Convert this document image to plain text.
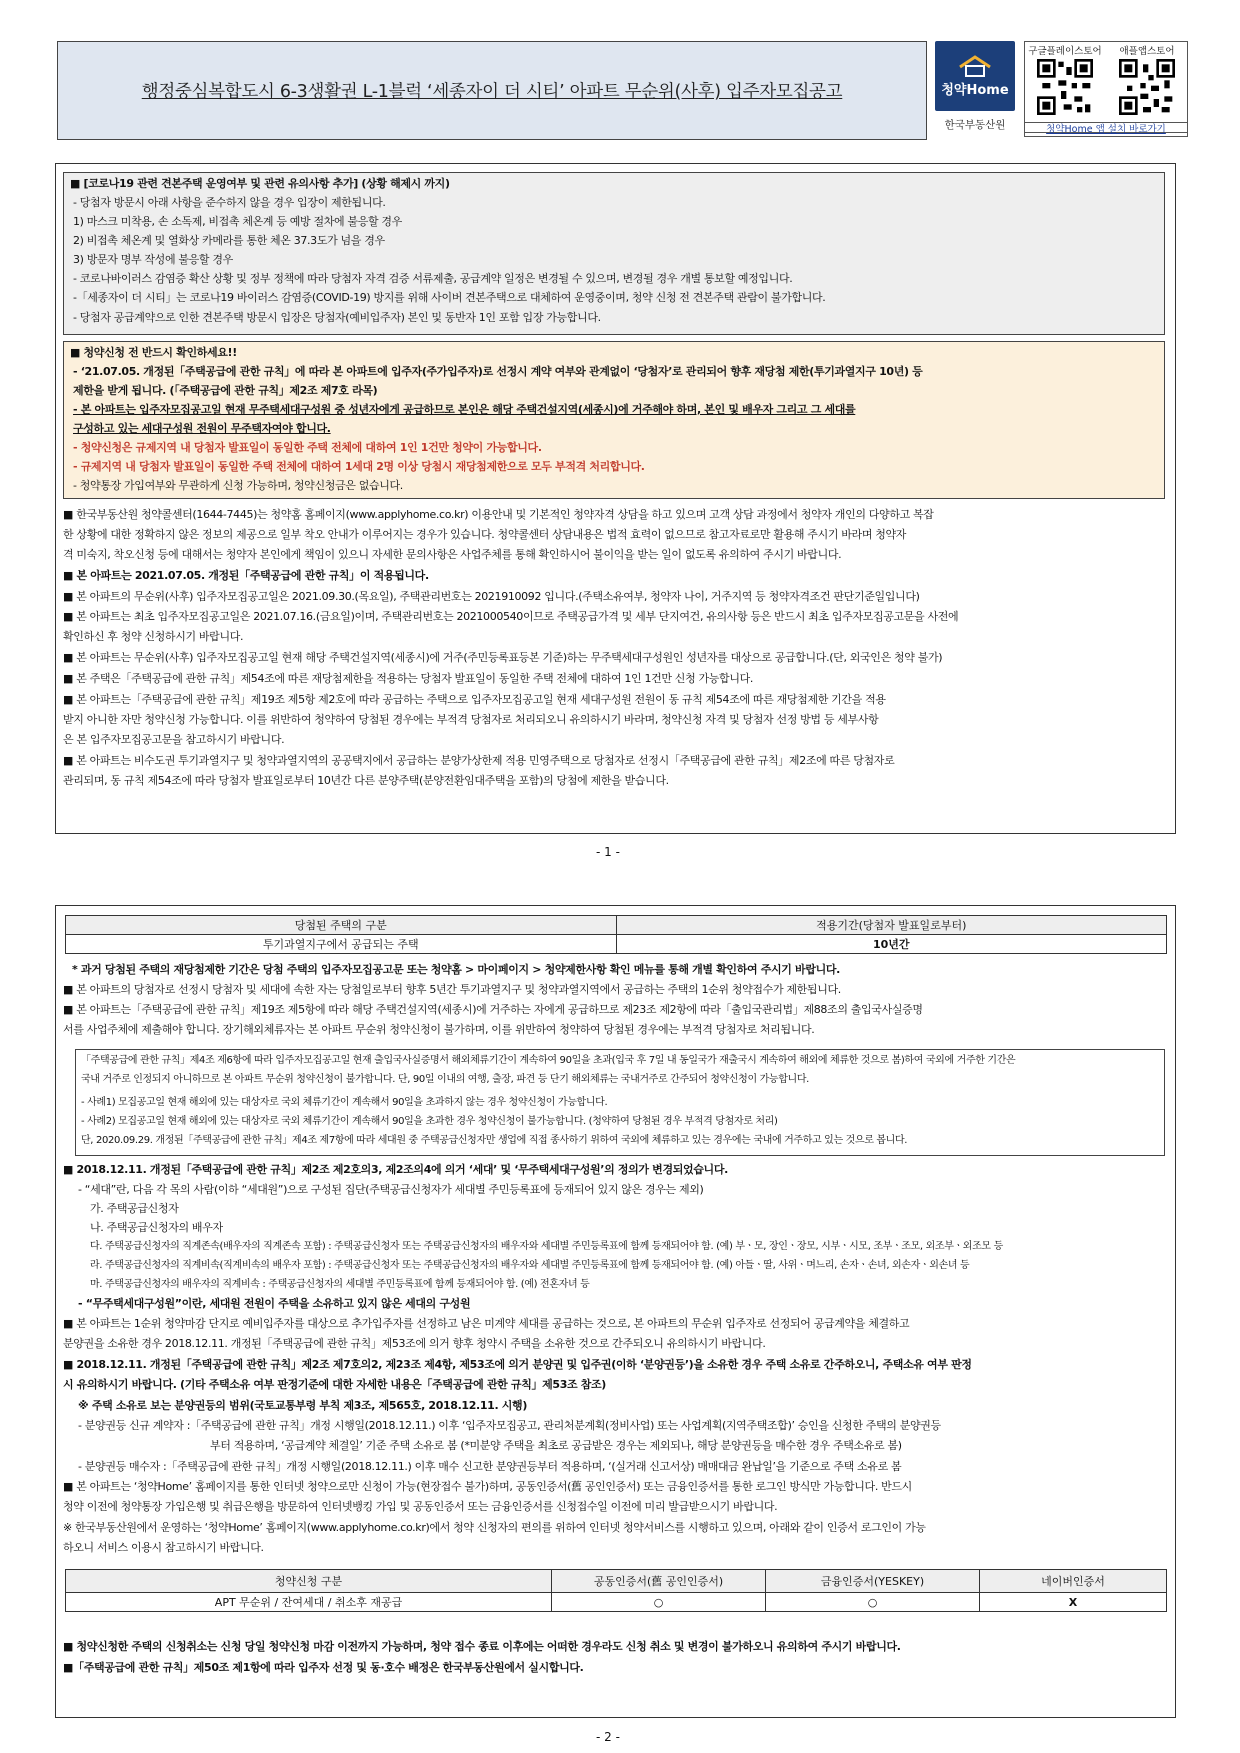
행정중심복합도시 6-3생활권 L-1블럭 ‘세종자이 더 시티’ 아파트 무순위(사후) 입주자모집공고	청약Home
한국부동산원
구글플레이스토어	애플앱스토어
청약Home 앱 설치 바로가기
■ [코로나19 관련 견본주택 운영여부 및 관련 유의사항 추가] (상황 해제시 까지)
- 당첨자 방문시 아래 사항을 준수하지 않을 경우 입장이 제한됩니다.
1) 마스크 미착용, 손 소독제, 비접촉 체온계 등 예방 절차에 불응할 경우
2) 비접촉 체온계 및 열화상 카메라를 통한 체온 37.3도가 넘을 경우
3) 방문자 명부 작성에 불응할 경우
- 코로나바이러스 감염증 확산 상황 및 정부 정책에 따라 당첨자 자격 검증 서류제출, 공급계약 일정은 변경될 수 있으며, 변경될 경우 개별 통보할 예정입니다.
-「세종자이 더 시티」는 코로나19 바이러스 감염증(COVID-19) 방지를 위해 사이버 견본주택으로 대체하여 운영중이며, 청약 신청 전 견본주택 관람이 불가합니다.
- 당첨자 공급계약으로 인한 견본주택 방문시 입장은 당첨자(예비입주자) 본인 및 동반자 1인 포함 입장 가능합니다.
■ 청약신청 전 반드시 확인하세요!!
- ‘21.07.05. 개정된「주택공급에 관한 규칙」에 따라 본 아파트에 입주자(주가입주자)로 선정시 계약 여부와 관계없이 ‘당첨자’로 관리되어 향후 재당첨 제한(투기과열지구 10년) 등
제한을 받게 됩니다. (「주택공급에 관한 규칙」제2조 제7호 라목)
- 본 아파트는 입주자모집공고일 현재 무주택세대구성원 중 성년자에게 공급하므로 본인은 해당 주택건설지역(세종시)에 거주해야 하며, 본인 및 배우자 그리고 그 세대를
구성하고 있는 세대구성원 전원이 무주택자여야 합니다.
- 청약신청은 규제지역 내 당첨자 발표일이 동일한 주택 전체에 대하여 1인 1건만 청약이 가능합니다.
- 규제지역 내 당첨자 발표일이 동일한 주택 전체에 대하여 1세대 2명 이상 당첨시 재당첨제한으로 모두 부적격 처리합니다.
- 청약통장 가입여부와 무관하게 신청 가능하며, 청약신청금은 없습니다.
■ 한국부동산원 청약콜센터(1644-7445)는 청약홈 홈페이지(www.applyhome.co.kr) 이용안내 및 기본적인 청약자격 상담을 하고 있으며 고객 상담 과정에서 청약자 개인의 다양하고 복잡
한 상황에 대한 정확하지 않은 정보의 제공으로 일부 착오 안내가 이루어지는 경우가 있습니다. 청약콜센터 상담내용은 법적 효력이 없으므로 참고자료로만 활용해 주시기 바라며 청약자
격 미숙지, 착오신청 등에 대해서는 청약자 본인에게 책임이 있으니 자세한 문의사항은 사업주체를 통해 확인하시어 불이익을 받는 일이 없도록 유의하여 주시기 바랍니다.
■ 본 아파트는 2021.07.05. 개정된「주택공급에 관한 규칙」이 적용됩니다.
■ 본 아파트의 무순위(사후) 입주자모집공고일은 2021.09.30.(목요일), 주택관리번호는 2021910092 입니다.(주택소유여부, 청약자 나이, 거주지역 등 청약자격조건 판단기준일입니다)
■ 본 아파트는 최초 입주자모집공고일은 2021.07.16.(금요일)이며, 주택관리번호는 2021000540이므로 주택공급가격 및 세부 단지여건, 유의사항 등은 반드시 최초 입주자모집공고문을 사전에
확인하신 후 청약 신청하시기 바랍니다.
■ 본 아파트는 무순위(사후) 입주자모집공고일 현재 해당 주택건설지역(세종시)에 거주(주민등록표등본 기준)하는 무주택세대구성원인 성년자를 대상으로 공급합니다.(단, 외국인은 청약 불가)
■ 본 주택은「주택공급에 관한 규칙」제54조에 따른 재당첨제한을 적용하는 당첨자 발표일이 동일한 주택 전체에 대하여 1인 1건만 신청 가능합니다.
■ 본 아파트는「주택공급에 관한 규칙」제19조 제5항 제2호에 따라 공급하는 주택으로 입주자모집공고일 현재 세대구성원 전원이 동 규칙 제54조에 따른 재당첨제한 기간을 적용
받지 아니한 자만 청약신청 가능합니다. 이를 위반하여 청약하여 당첨된 경우에는 부적격 당첨자로 처리되오니 유의하시기 바라며, 청약신청 자격 및 당첨자 선정 방법 등 세부사항
은 본 입주자모집공고문을 참고하시기 바랍니다.
■ 본 아파트는 비수도권 투기과열지구 및 청약과열지역의 공공택지에서 공급하는 분양가상한제 적용 민영주택으로 당첨자로 선정시「주택공급에 관한 규칙」제2조에 따른 당첨자로
관리되며, 동 규칙 제54조에 따라 당첨자 발표일로부터 10년간 다른 분양주택(분양전환임대주택을 포함)의 당첨에 제한을 받습니다.
- 1 -
당첨된 주택의 구분	적용기간(당첨자 발표일로부터)
투기과열지구에서 공급되는 주택	10년간
* 과거 당첨된 주택의 재당첨제한 기간은 당첨 주택의 입주자모집공고문 또는 청약홈 > 마이페이지 > 청약제한사항 확인 메뉴를 통해 개별 확인하여 주시기 바랍니다.
■ 본 아파트의 당첨자로 선정시 당첨자 및 세대에 속한 자는 당첨일로부터 향후 5년간 투기과열지구 및 청약과열지역에서 공급하는 주택의 1순위 청약접수가 제한됩니다.
■ 본 아파트는「주택공급에 관한 규칙」제19조 제5항에 따라 해당 주택건설지역(세종시)에 거주하는 자에게 공급하므로 제23조 제2항에 따라「출입국관리법」제88조의 출입국사실증명
서를 사업주체에 제출해야 합니다. 장기해외체류자는 본 아파트 무순위 청약신청이 불가하며, 이를 위반하여 청약하여 당첨된 경우에는 부적격 당첨자로 처리됩니다.
「주택공급에 관한 규칙」제4조 제6항에 따라 입주자모집공고일 현재 출입국사실증명서 해외체류기간이 계속하여 90일을 초과(입국 후 7일 내 동일국가 재출국시 계속하여 해외에 체류한 것으로 봄)하여 국외에 거주한 기간은
국내 거주로 인정되지 아니하므로 본 아파트 무순위 청약신청이 불가합니다. 단, 90일 이내의 여행, 출장, 파견 등 단기 해외체류는 국내거주로 간주되어 청약신청이 가능합니다.
- 사례1) 모집공고일 현재 해외에 있는 대상자로 국외 체류기간이 계속해서 90일을 초과하지 않는 경우 청약신청이 가능합니다.
- 사례2) 모집공고일 현재 해외에 있는 대상자로 국외 체류기간이 계속해서 90일을 초과한 경우 청약신청이 불가능합니다. (청약하여 당첨된 경우 부적격 당첨자로 처리)
단, 2020.09.29. 개정된「주택공급에 관한 규칙」제4조 제7항에 따라 세대원 중 주택공급신청자만 생업에 직접 종사하기 위하여 국외에 체류하고 있는 경우에는 국내에 거주하고 있는 것으로 봅니다.
■ 2018.12.11. 개정된「주택공급에 관한 규칙」제2조 제2호의3, 제2조의4에 의거 ‘세대’ 및 ‘무주택세대구성원’의 정의가 변경되었습니다.
- “세대”란, 다음 각 목의 사람(이하 “세대원”)으로 구성된 집단(주택공급신청자가 세대별 주민등록표에 등재되어 있지 않은 경우는 제외)
가. 주택공급신청자
나. 주택공급신청자의 배우자
다. 주택공급신청자의 직계존속(배우자의 직계존속 포함) : 주택공급신청자 또는 주택공급신청자의 배우자와 세대별 주민등록표에 함께 등재되어야 함. (예) 부ㆍ모, 장인ㆍ장모, 시부ㆍ시모, 조부ㆍ조모, 외조부ㆍ외조모 등
라. 주택공급신청자의 직계비속(직계비속의 배우자 포함) : 주택공급신청자 또는 주택공급신청자의 배우자와 세대별 주민등록표에 함께 등재되어야 함. (예) 아들ㆍ딸, 사위ㆍ며느리, 손자ㆍ손녀, 외손자ㆍ외손녀 등
마. 주택공급신청자의 배우자의 직계비속 : 주택공급신청자의 세대별 주민등록표에 함께 등재되어야 함. (예) 전혼자녀 등
- “무주택세대구성원”이란, 세대원 전원이 주택을 소유하고 있지 않은 세대의 구성원
■ 본 아파트는 1순위 청약마감 단지로 예비입주자를 대상으로 추가입주자를 선정하고 남은 미계약 세대를 공급하는 것으로, 본 아파트의 무순위 입주자로 선정되어 공급계약을 체결하고
분양권을 소유한 경우 2018.12.11. 개정된「주택공급에 관한 규칙」제53조에 의거 향후 청약시 주택을 소유한 것으로 간주되오니 유의하시기 바랍니다.
■ 2018.12.11. 개정된「주택공급에 관한 규칙」제2조 제7호의2, 제23조 제4항, 제53조에 의거 분양권 및 입주권(이하 ‘분양권등’)을 소유한 경우 주택 소유로 간주하오니, 주택소유 여부 판정
시 유의하시기 바랍니다. (기타 주택소유 여부 판정기준에 대한 자세한 내용은「주택공급에 관한 규칙」제53조 참조)
※ 주택 소유로 보는 분양권등의 범위(국토교통부령 부칙 제3조, 제565호, 2018.12.11. 시행)
- 분양권등 신규 계약자 :「주택공급에 관한 규칙」개정 시행일(2018.12.11.) 이후 ‘입주자모집공고, 관리처분계획(정비사업) 또는 사업계획(지역주택조합)’ 승인을 신청한 주택의 분양권등
부터 적용하며, ‘공급계약 체결일’ 기준 주택 소유로 봄 (*미분양 주택을 최초로 공급받은 경우는 제외되나, 해당 분양권등을 매수한 경우 주택소유로 봄)
- 분양권등 매수자 :「주택공급에 관한 규칙」개정 시행일(2018.12.11.) 이후 매수 신고한 분양권등부터 적용하며, ‘(실거래 신고서상) 매매대금 완납일’을 기준으로 주택 소유로 봄
■ 본 아파트는 ‘청약Home’ 홈페이지를 통한 인터넷 청약으로만 신청이 가능(현장접수 불가)하며, 공동인증서(舊 공인인증서) 또는 금융인증서를 통한 로그인 방식만 가능합니다. 반드시
청약 이전에 청약통장 가입은행 및 취급은행을 방문하여 인터넷뱅킹 가입 및 공동인증서 또는 금융인증서를 신청접수일 이전에 미리 발급받으시기 바랍니다.
※ 한국부동산원에서 운영하는 ‘청약Home’ 홈페이지(www.applyhome.co.kr)에서 청약 신청자의 편의를 위하여 인터넷 청약서비스를 시행하고 있으며, 아래와 같이 인증서 로그인이 가능
하오니 서비스 이용시 참고하시기 바랍니다.
청약신청 구분	공동인증서(舊 공인인증서)	금융인증서(YESKEY)	네이버인증서
APT 무순위 / 잔여세대 / 취소후 재공급	○	○	X
■ 청약신청한 주택의 신청취소는 신청 당일 청약신청 마감 이전까지 가능하며, 청약 접수 종료 이후에는 어떠한 경우라도 신청 취소 및 변경이 불가하오니 유의하여 주시기 바랍니다.
■「주택공급에 관한 규칙」제50조 제1항에 따라 입주자 선정 및 동·호수 배정은 한국부동산원에서 실시합니다.
- 2 -
